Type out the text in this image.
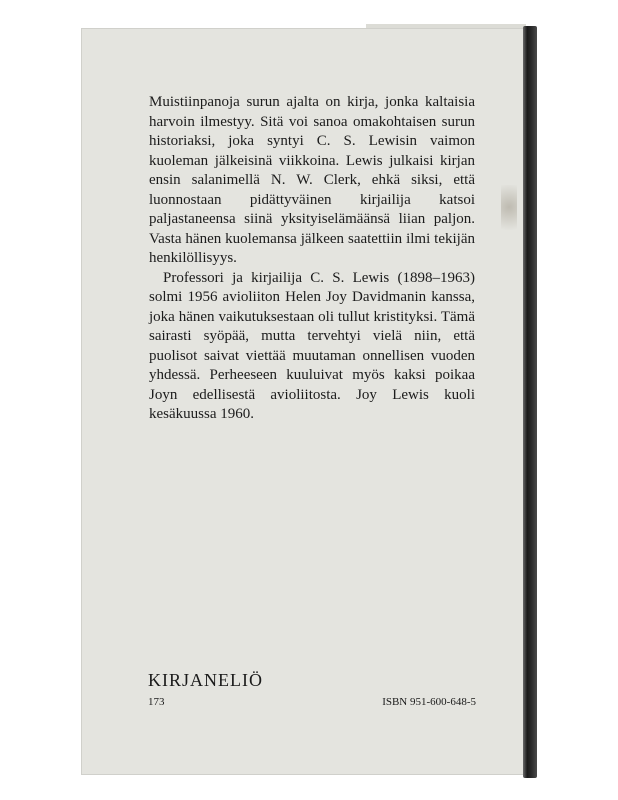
Muistiinpanoja surun ajalta on kirja, jonka kaltaisia harvoin ilmestyy. Sitä voi sanoa omakohtaisen surun historiaksi, joka syntyi C. S. Lewisin vaimon kuoleman jälkeisinä viikkoina. Lewis julkaisi kirjan ensin salanimellä N. W. Clerk, ehkä siksi, että luonnostaan pidättyväinen kirjailija katsoi paljastaneensa siinä yksityiselämäänsä liian paljon. Vasta hänen kuolemansa jälkeen saatettiin ilmi tekijän henkilöllisyys.

Professori ja kirjailija C. S. Lewis (1898–1963) solmi 1956 avioliiton Helen Joy Davidmanin kanssa, joka hänen vaikutuksestaan oli tullut kristityksi. Tämä sairasti syöpää, mutta tervehtyi vielä niin, että puolisot saivat viettää muutaman onnellisen vuoden yhdessä. Perheeseen kuuluivat myös kaksi poikaa Joyn edellisestä avioliitosta. Joy Lewis kuoli kesäkuussa 1960.

KIRJANELIÖ
173	ISBN 951-600-648-5
